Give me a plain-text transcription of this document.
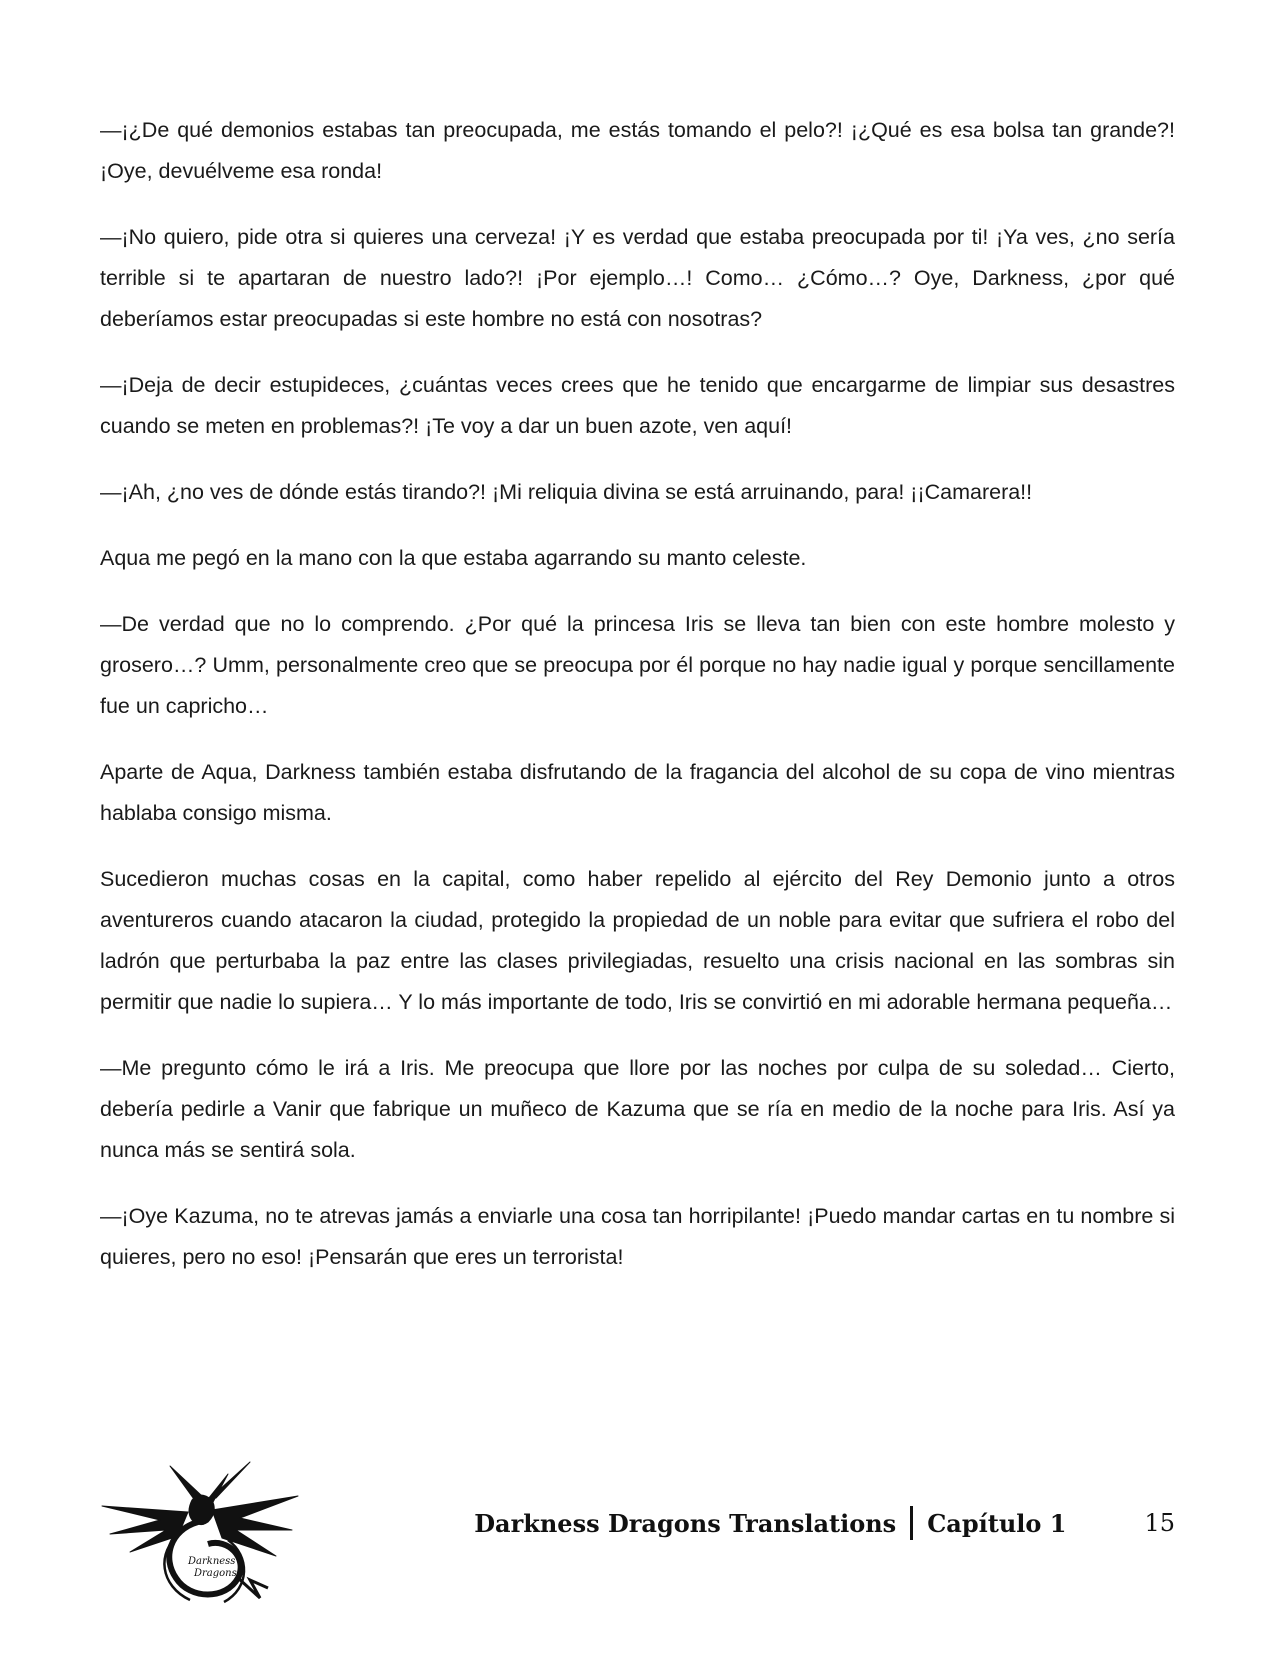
—¡¿De qué demonios estabas tan preocupada, me estás tomando el pelo?! ¡¿Qué es esa bolsa tan grande?! ¡Oye, devuélveme esa ronda!

—¡No quiero, pide otra si quieres una cerveza! ¡Y es verdad que estaba preocupada por ti! ¡Ya ves, ¿no sería terrible si te apartaran de nuestro lado?! ¡Por ejemplo…! Como… ¿Cómo…? Oye, Darkness, ¿por qué deberíamos estar preocupadas si este hombre no está con nosotras?

—¡Deja de decir estupideces, ¿cuántas veces crees que he tenido que encargarme de limpiar sus desastres cuando se meten en problemas?! ¡Te voy a dar un buen azote, ven aquí!

—¡Ah, ¿no ves de dónde estás tirando?! ¡Mi reliquia divina se está arruinando, para! ¡¡Camarera!!

Aqua me pegó en la mano con la que estaba agarrando su manto celeste.

—De verdad que no lo comprendo. ¿Por qué la princesa Iris se lleva tan bien con este hombre molesto y grosero…? Umm, personalmente creo que se preocupa por él porque no hay nadie igual y porque sencillamente fue un capricho…

Aparte de Aqua, Darkness también estaba disfrutando de la fragancia del alcohol de su copa de vino mientras hablaba consigo misma.

Sucedieron muchas cosas en la capital, como haber repelido al ejército del Rey Demonio junto a otros aventureros cuando atacaron la ciudad, protegido la propiedad de un noble para evitar que sufriera el robo del ladrón que perturbaba la paz entre las clases privilegiadas, resuelto una crisis nacional en las sombras sin permitir que nadie lo supiera… Y lo más importante de todo, Iris se convirtió en mi adorable hermana pequeña…

—Me pregunto cómo le irá a Iris. Me preocupa que llore por las noches por culpa de su soledad… Cierto, debería pedirle a Vanir que fabrique un muñeco de Kazuma que se ría en medio de la noche para Iris. Así ya nunca más se sentirá sola.

—¡Oye Kazuma, no te atrevas jamás a enviarle una cosa tan horripilante! ¡Puedo mandar cartas en tu nombre si quieres, pero no eso! ¡Pensarán que eres un terrorista!

Darkness
Dragons
Darkness Dragons Translations Capítulo 1	15
